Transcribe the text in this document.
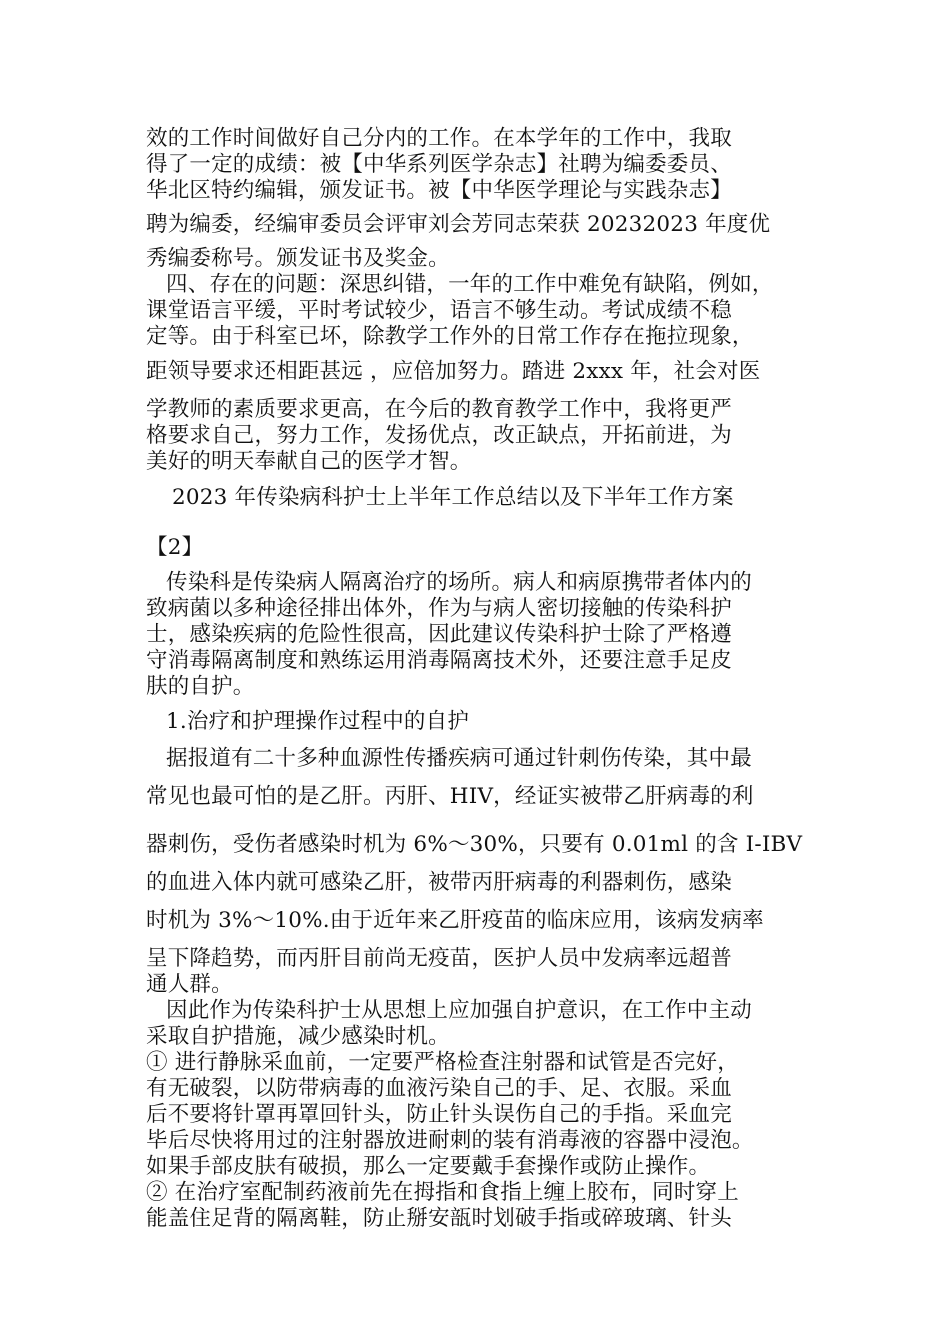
效的工作时间做好自己分内的工作。在本学年的工作中，我取
得了一定的成绩：被【中华系列医学杂志】社聘为编委委员、
华北区特约编辑，颁发证书。被【中华医学理论与实践杂志】
聘为编委，经编审委员会评审刘会芳同志荣获 20232023 年度优
秀编委称号。颁发证书及奖金。
四、存在的问题：深思纠错，一年的工作中难免有缺陷，例如，
课堂语言平缓，平时考试较少，语言不够生动。考试成绩不稳
定等。由于科室已坏，除教学工作外的日常工作存在拖拉现象，
距领导要求还相距甚远 ，应倍加努力。踏进 2xxx 年，社会对医
学教师的素质要求更高，在今后的教育教学工作中，我将更严
格要求自己，努力工作，发扬优点，改正缺点，开拓前进，为
美好的明天奉献自己的医学才智。
2023 年传染病科护士上半年工作总结以及下半年工作方案
【2】
传染科是传染病人隔离治疗的场所。病人和病原携带者体内的
致病菌以多种途径排出体外，作为与病人密切接触的传染科护
士，感染疾病的危险性很高，因此建议传染科护士除了严格遵
守消毒隔离制度和熟练运用消毒隔离技术外，还要注意手足皮
肤的自护。
1.治疗和护理操作过程中的自护
据报道有二十多种血源性传播疾病可通过针刺伤传染，其中最
常见也最可怕的是乙肝。丙肝、HIV，经证实被带乙肝病毒的利
器刺伤，受伤者感染时机为 6%～30%，只要有 0.01ml 的含 I-IBV
的血进入体内就可感染乙肝，被带丙肝病毒的利器刺伤，感染
时机为 3%～10%.由于近年来乙肝疫苗的临床应用，该病发病率
呈下降趋势，而丙肝目前尚无疫苗，医护人员中发病率远超普
通人群。
因此作为传染科护士从思想上应加强自护意识，在工作中主动
采取自护措施，减少感染时机。
① 进行静脉采血前，一定要严格检查注射器和试管是否完好，
有无破裂，以防带病毒的血液污染自己的手、足、衣服。采血
后不要将针罩再罩回针头，防止针头误伤自己的手指。采血完
毕后尽快将用过的注射器放进耐刺的装有消毒液的容器中浸泡。
如果手部皮肤有破损，那么一定要戴手套操作或防止操作。
② 在治疗室配制药液前先在拇指和食指上缠上胶布，同时穿上
能盖住足背的隔离鞋，防止掰安瓿时划破手指或碎玻璃、针头
